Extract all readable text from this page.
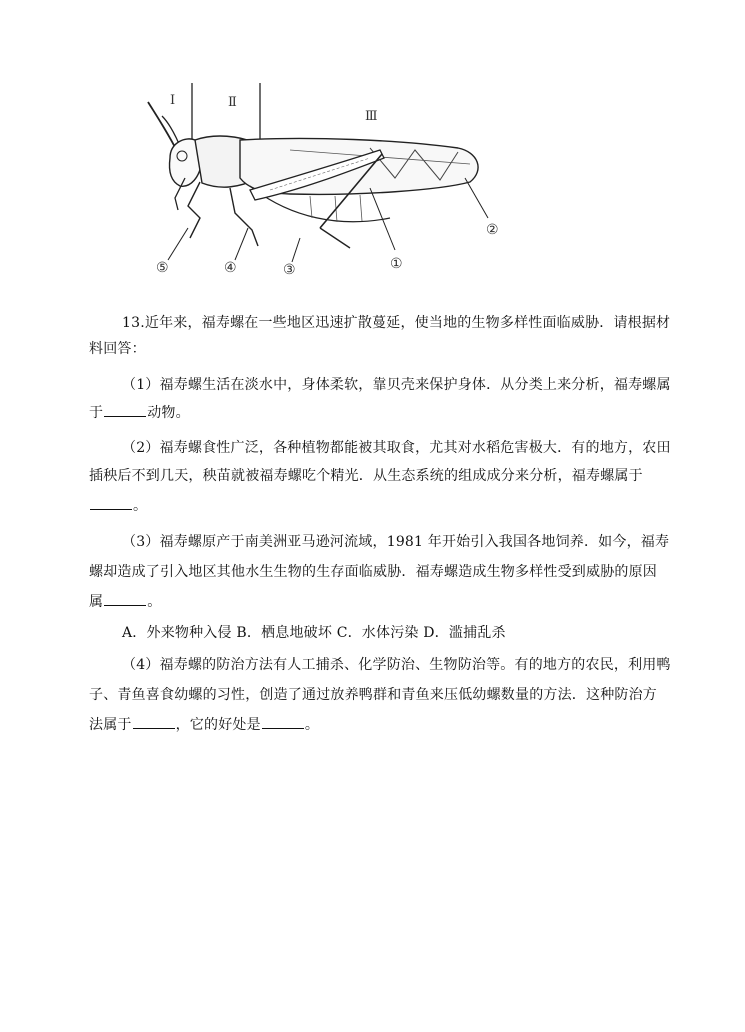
Ⅰ	Ⅱ
Ⅲ
⑤	④	③	①
②
13.近年来，福寿螺在一些地区迅速扩散蔓延，使当地的生物多样性面临威胁．请根据材
料回答：
（1）福寿螺生活在淡水中，身体柔软，靠贝壳来保护身体．从分类上来分析，福寿螺属
于	动物。
（2）福寿螺食性广泛，各种植物都能被其取食，尤其对水稻危害极大．有的地方，农田
插秧后不到几天，秧苗就被福寿螺吃个精光．从生态系统的组成成分来分析，福寿螺属于
。
（3）福寿螺原产于南美洲亚马逊河流域，1981 年开始引入我国各地饲养．如今，福寿
螺却造成了引入地区其他水生生物的生存面临威胁．福寿螺造成生物多样性受到威胁的原因
属	。
A．外来物种入侵 B．栖息地破坏 C．水体污染 D．滥捕乱杀
（4）福寿螺的防治方法有人工捕杀、化学防治、生物防治等。有的地方的农民，利用鸭
子、青鱼喜食幼螺的习性，创造了通过放养鸭群和青鱼来压低幼螺数量的方法．这种防治方
法属于	，它的好处是	。
